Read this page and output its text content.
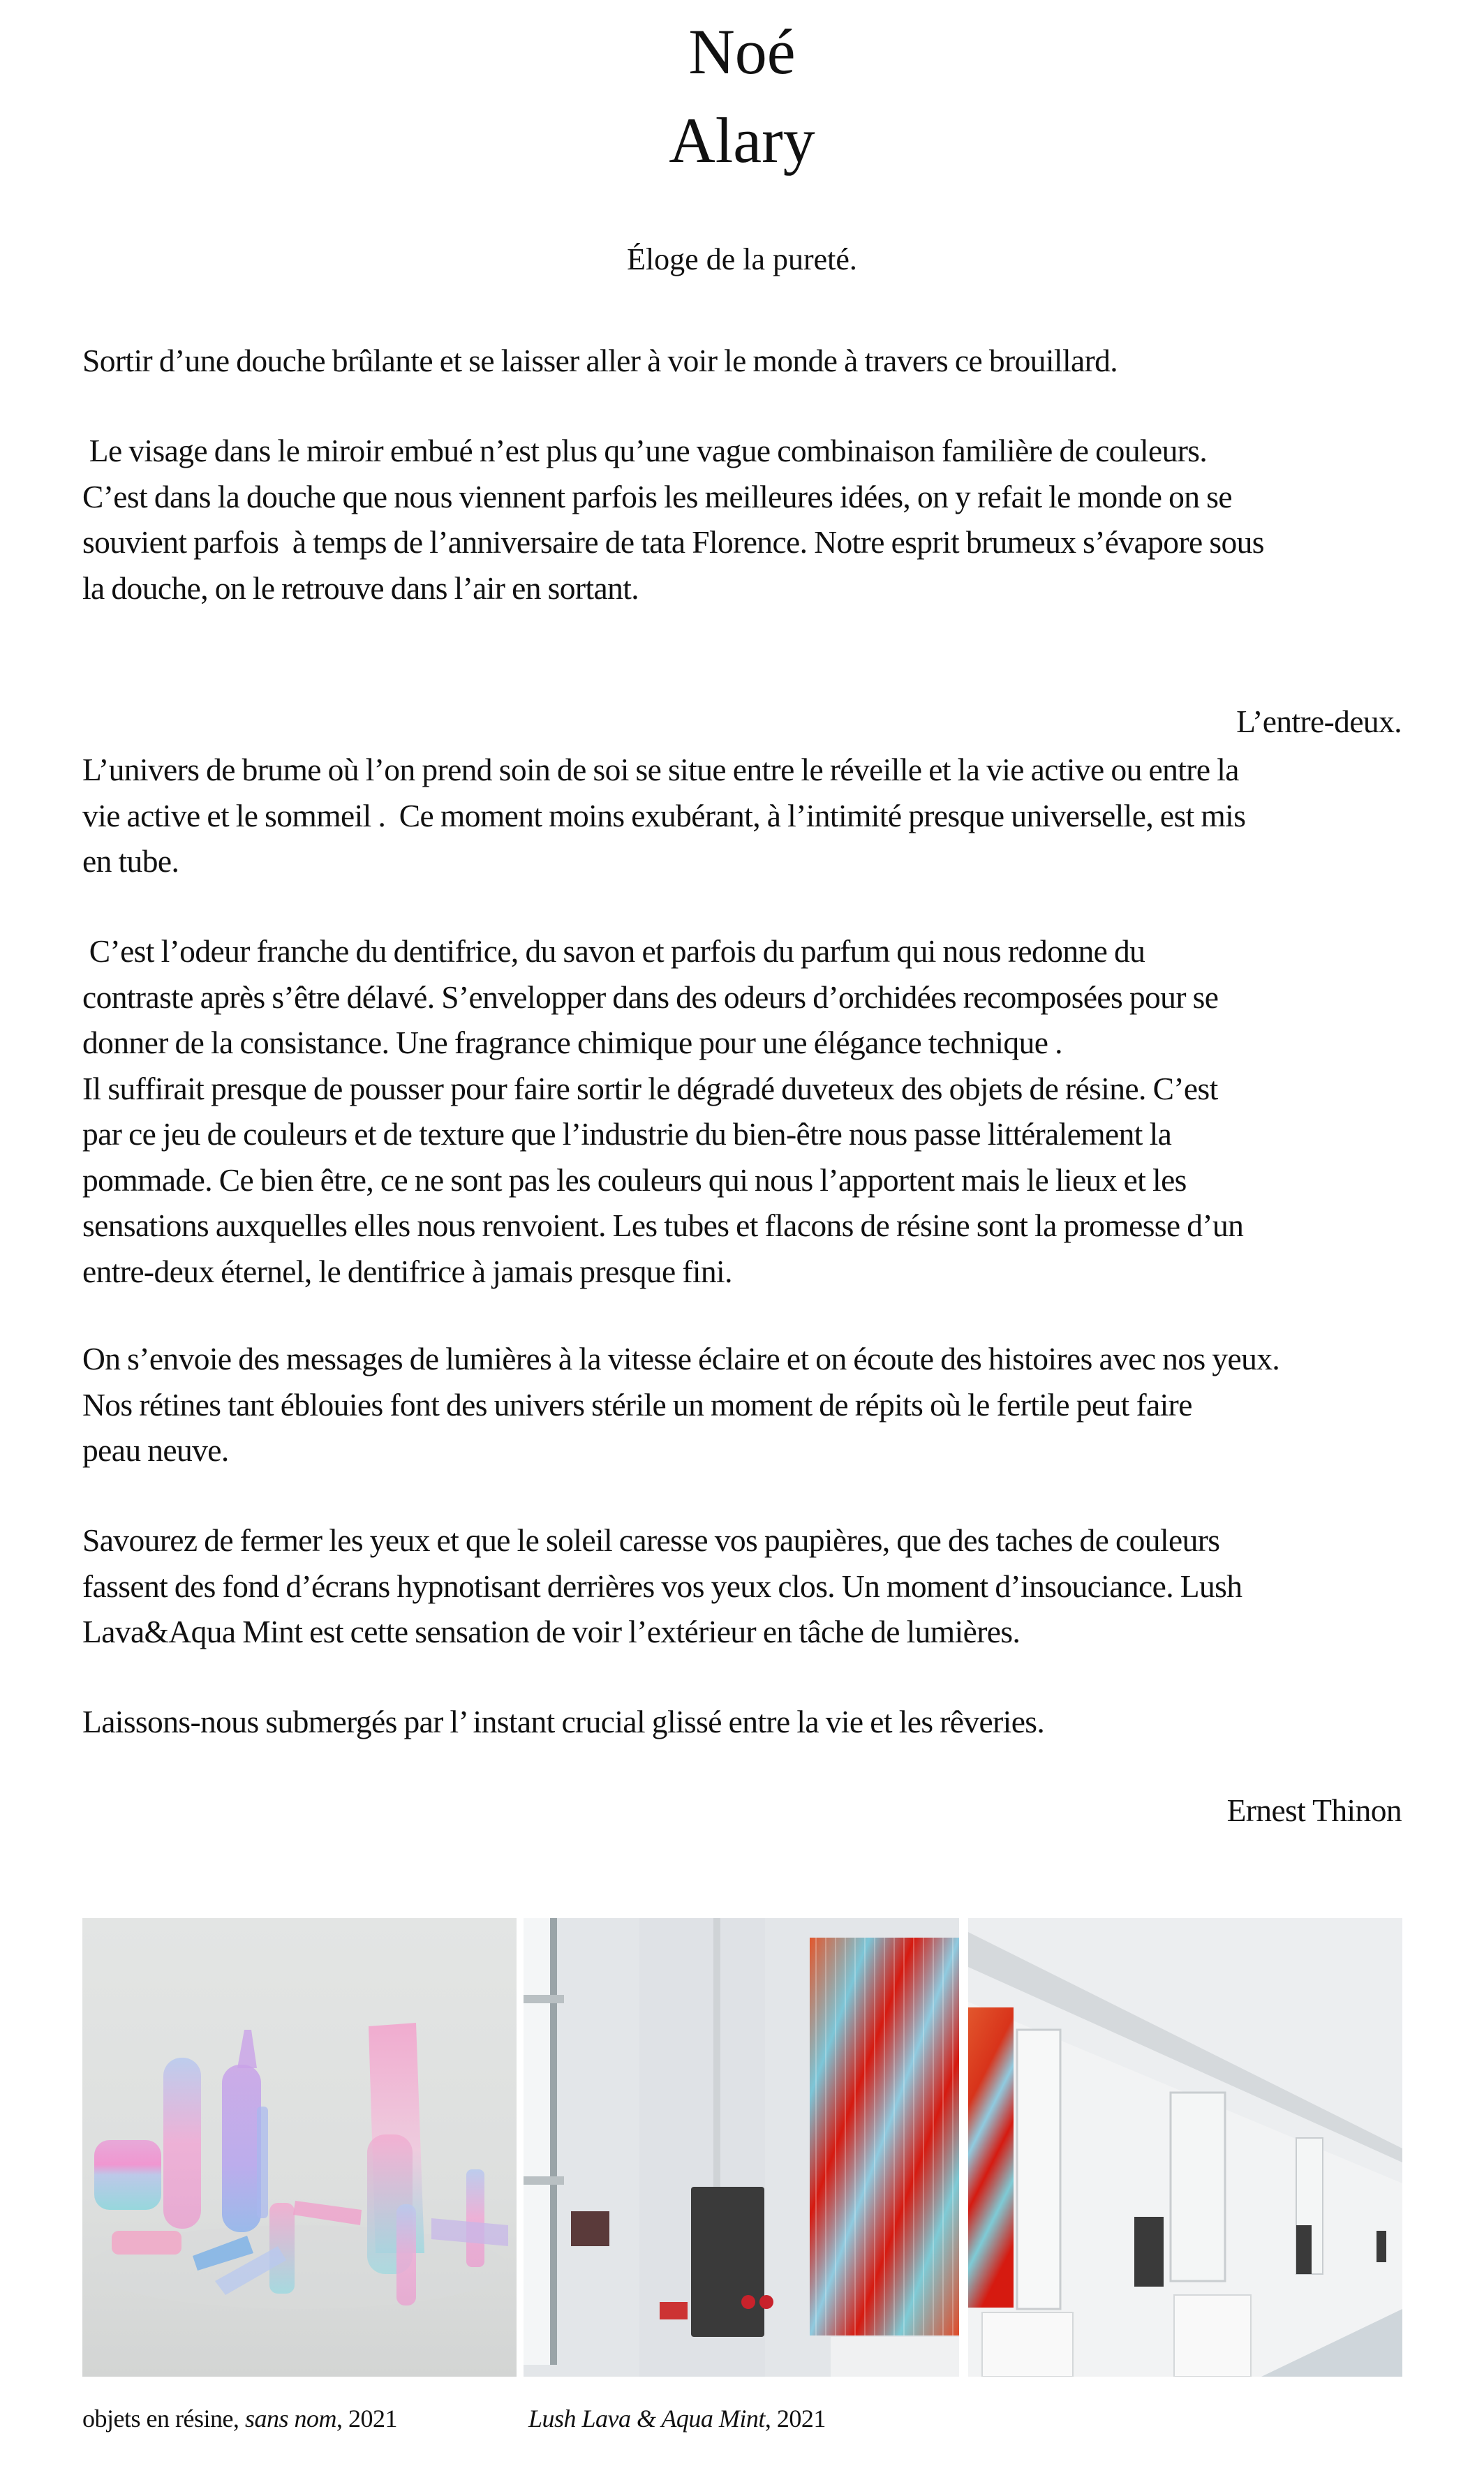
Noé
Alary
Éloge de la pureté.
Sortir d’une douche brûlante et se laisser aller à voir le monde à travers ce brouillard.
Le visage dans le miroir embué n’est plus qu’une vague combinaison familière de couleurs.
C’est dans la douche que nous viennent parfois les meilleures idées, on y refait le monde on se
souvient parfois  à temps de l’anniversaire de tata Florence. Notre esprit brumeux s’évapore sous
la douche, on le retrouve dans l’air en sortant.
L’entre-deux.
L’univers de brume où l’on prend soin de soi se situe entre le réveille et la vie active ou entre la
vie active et le sommeil .  Ce moment moins exubérant, à l’intimité presque universelle, est mis
en tube.
C’est l’odeur franche du dentifrice, du savon et parfois du parfum qui nous redonne du
contraste après s’être délavé. S’envelopper dans des odeurs d’orchidées recomposées pour se
donner de la consistance. Une fragrance chimique pour une élégance technique .
Il suffirait presque de pousser pour faire sortir le dégradé duveteux des objets de résine. C’est
par ce jeu de couleurs et de texture que l’industrie du bien-être nous passe littéralement la
pommade. Ce bien être, ce ne sont pas les couleurs qui nous l’apportent mais le lieux et les
sensations auxquelles elles nous renvoient. Les tubes et flacons de résine sont la promesse d’un
entre-deux éternel, le dentifrice à jamais presque fini.
On s’envoie des messages de lumières à la vitesse éclaire et on écoute des histoires avec nos yeux.
Nos rétines tant éblouies font des univers stérile un moment de répits où le fertile peut faire
peau neuve.
Savourez de fermer les yeux et que le soleil caresse vos paupières, que des taches de couleurs
fassent des fond d’écrans hypnotisant derrières vos yeux clos. Un moment d’insouciance. Lush
Lava&Aqua Mint est cette sensation de voir l’extérieur en tâche de lumières.
Laissons-nous submergés par l’ instant crucial glissé entre la vie et les rêveries.
Ernest Thinon
objets en résine, sans nom, 2021	Lush Lava & Aqua Mint, 2021
